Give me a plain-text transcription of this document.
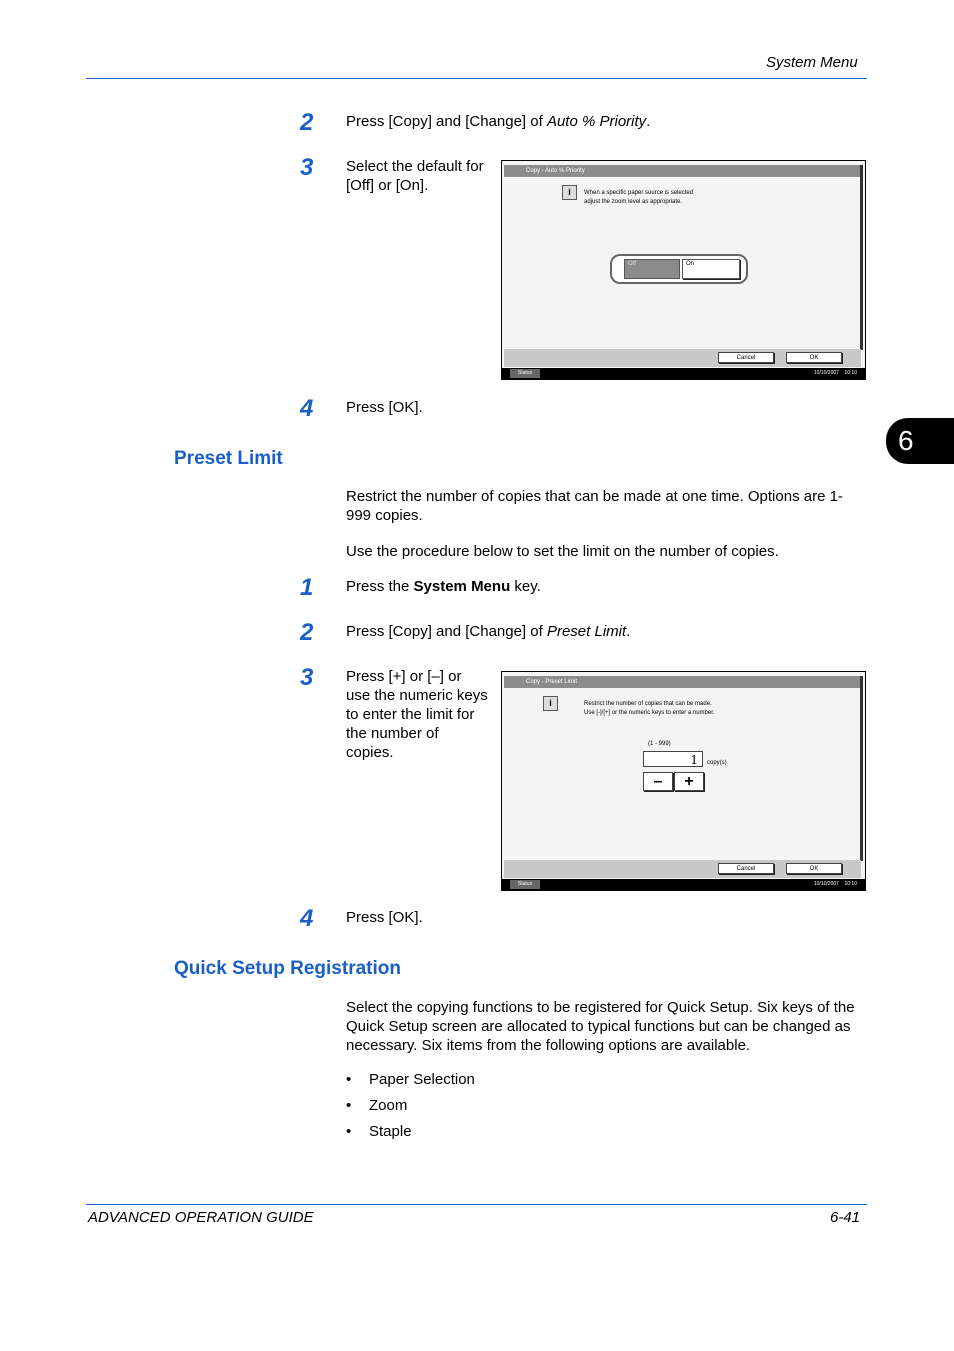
System Menu
6
2	Press [Copy] and [Change] of Auto % Priority.
3	Select the default for [Off] or [On].
Copy - Auto % Priority
i	When a specific paper source is selected
adjust the zoom level as appropriate.
Off	On
Cancel	OK
Status	10/10/2007 10:10
4	Press [OK].
Preset Limit
Restrict the number of copies that can be made at one time. Options are 1-999 copies.
Use the procedure below to set the limit on the number of copies.
1	Press the System Menu key.
2	Press [Copy] and [Change] of Preset Limit.
3	Press [+] or [–] or use the numeric keys to enter the limit for the number of copies.
Copy - Preset Limit
i	Restrict the number of copies that can be made.
Use [-]/[+] or the numeric keys to enter a number.
(1 - 999)
1	copy(s)
–	+
Cancel	OK
Status	10/10/2007 10:10
4	Press [OK].
Quick Setup Registration
Select the copying functions to be registered for Quick Setup. Six keys of the Quick Setup screen are allocated to typical functions but can be changed as necessary. Six items from the following options are available.
• Paper Selection
• Zoom
• Staple
ADVANCED OPERATION GUIDE	6-41
